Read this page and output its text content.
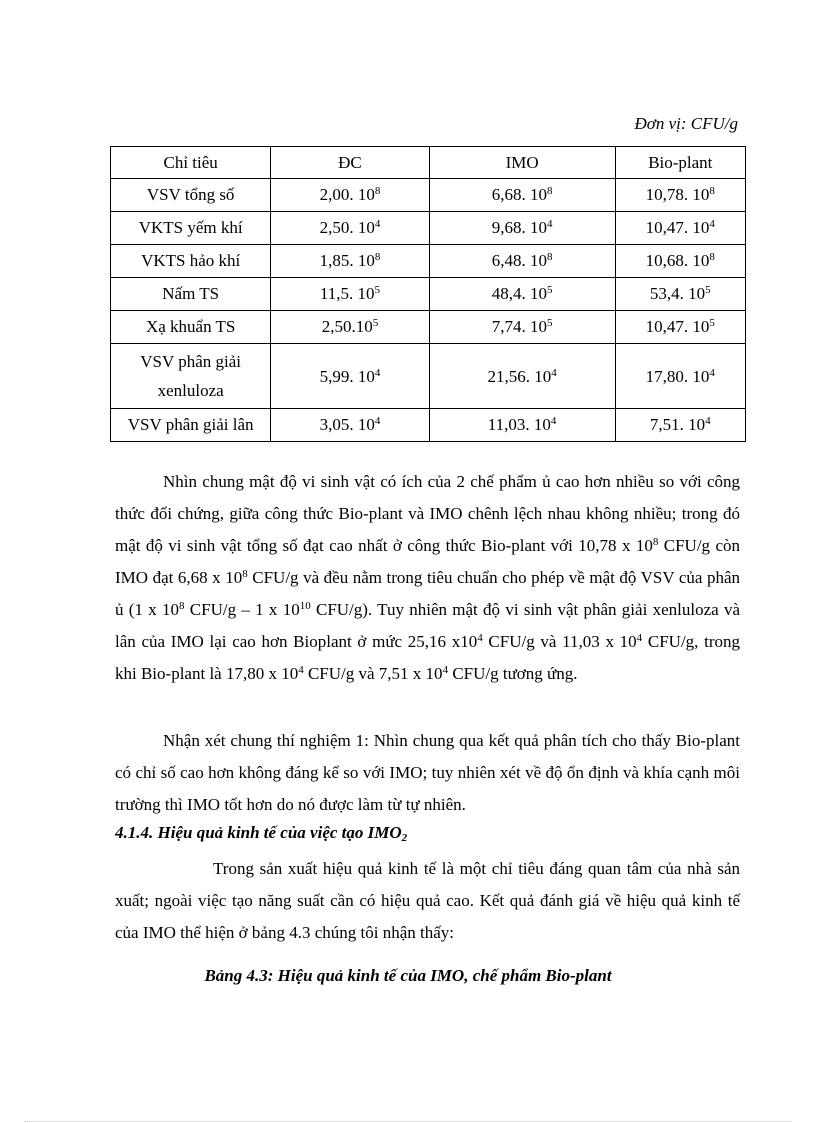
Đơn vị: CFU/g
Chỉ tiêu	ĐC	IMO	Bio-plant
VSV tổng số	2,00. $10^8$	6,68. $10^8$	10,78. $10^8$
VKTS yếm khí	2,50. $10^4$	9,68. $10^4$	10,47. $10^4$
VKTS hảo khí	1,85. $10^8$	6,48. $10^8$	10,68. $10^8$
Nấm TS	11,5. $10^5$	48,4. $10^5$	53,4. $10^5$
Xạ khuẩn TS	2,50.10$^5$	7,74. $10^5$	10,47. $10^5$
VSV phân giải
xenluloza	5,99. $10^4$	21,56. $10^4$	17,80. $10^4$
VSV phân giải lân	3,05. $10^4$	11,03. $10^4$	7,51. $10^4$

Nhìn chung mật độ vi sinh vật có ích của 2 chế phẩm ủ cao hơn nhiều so với công thức đối chứng, giữa công thức Bio-plant và IMO chênh lệch nhau không nhiều; trong đó mật độ vi sinh vật tổng số đạt cao nhất ở công thức Bio-plant với 10,78 x $10^8$ CFU/g còn IMO đạt 6,68 x $10^8$ CFU/g và đều nằm trong tiêu chuẩn cho phép về mật độ VSV của phân ủ (1 x $10^8$ CFU/g – 1 x $10^{10}$ CFU/g). Tuy nhiên mật độ vi sinh vật phân giải xenluloza và lân của IMO lại cao hơn Bioplant ở mức 25,16 $x10^4$ CFU/g và 11,03 x $10^4$ CFU/g, trong khi Bio-plant là 17,80 x $10^4$ CFU/g và 7,51 x $10^4$ CFU/g tương ứng.

Nhận xét chung thí nghiệm 1: Nhìn chung qua kết quả phân tích cho thấy Bio-plant có chỉ số cao hơn không đáng kể so với IMO; tuy nhiên xét về độ ổn định và khía cạnh môi trường thì IMO tốt hơn do nó được làm từ tự nhiên.

4.1.4. Hiệu quả kinh tế của việc tạo $IMO_2$

Trong sản xuất hiệu quả kinh tế là một chỉ tiêu đáng quan tâm của nhà sản xuất; ngoài việc tạo năng suất cần có hiệu quả cao. Kết quả đánh giá về hiệu quả kinh tế của IMO thể hiện ở bảng 4.3 chúng tôi nhận thấy:

Bảng 4.3: Hiệu quả kinh tế của IMO, chế phẩm Bio-plant
